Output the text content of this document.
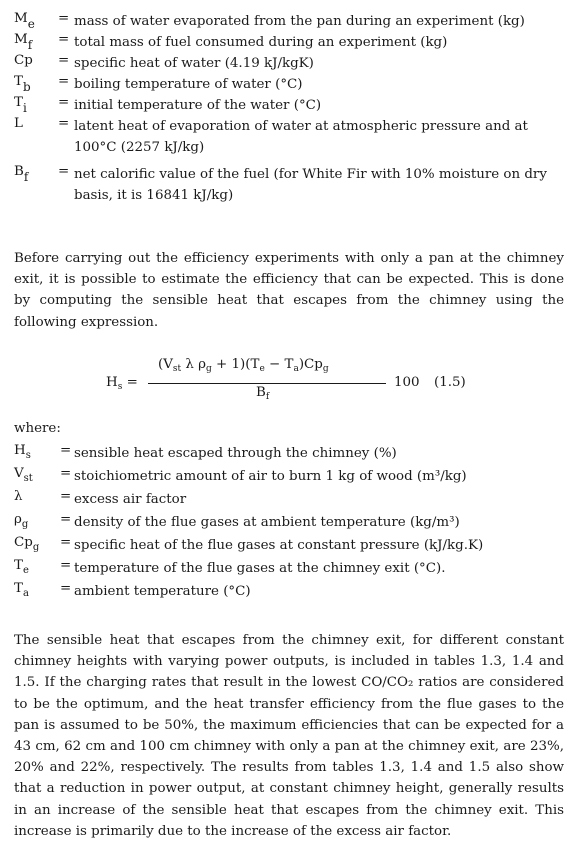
$M_e$ = mass of water evaporated from the pan during an experiment (kg)
$M_f$ = total mass of fuel consumed during an experiment (kg)
Cp = specific heat of water (4.19 kJ/kgK)
$T_b$ = boiling temperature of water (°C)
$T_i$ = initial temperature of the water (°C)
L	= latent heat of evaporation of water at atmospheric pressure and at 100°C (2257 kJ/kg)
$B_f$ = net calorific value of the fuel (for White Fir with 10% moisture on dry basis, it is 16841 kJ/kg)

Before carrying out the efficiency experiments with only a pan at the chimney exit, it is possible to estimate the efficiency that can be expected. This is done by computing the sensible heat that escapes from the chimney using the following expression.

$H_s$ =
($V_{st}$ λ $\rho_g + 1)(T_e - T_a)Cp_g$
$B_f$
100 (1.5)
where:
$H_s$ = sensible heat escaped through the chimney (%)
$V_{st}$ = stoichiometric amount of air to burn 1 kg of wood (m³/kg)
λ	= excess air factor
$\rho_g$ = density of the flue gases at ambient temperature (kg/m³)
$Cp_g$ = specific heat of the flue gases at constant pressure (kJ/kg.K)
$T_e$ = temperature of the flue gases at the chimney exit (°C).
$T_a$ = ambient temperature (°C)

The sensible heat that escapes from the chimney exit, for different constant chimney heights with varying power outputs, is included in tables 1.3, 1.4 and 1.5. If the charging rates that result in the lowest CO/CO₂ ratios are considered to be the optimum, and the heat transfer efficiency from the flue gases to the pan is assumed to be 50%, the maximum efficiencies that can be expected for a 43 cm, 62 cm and 100 cm chimney with only a pan at the chimney exit, are 23%, 20% and 22%, respectively. The results from tables 1.3, 1.4 and 1.5 also show that a reduction in power output, at constant chimney height, generally results in an increase of the sensible heat that escapes from the chimney exit. This increase is primarily due to the increase of the excess air factor.
